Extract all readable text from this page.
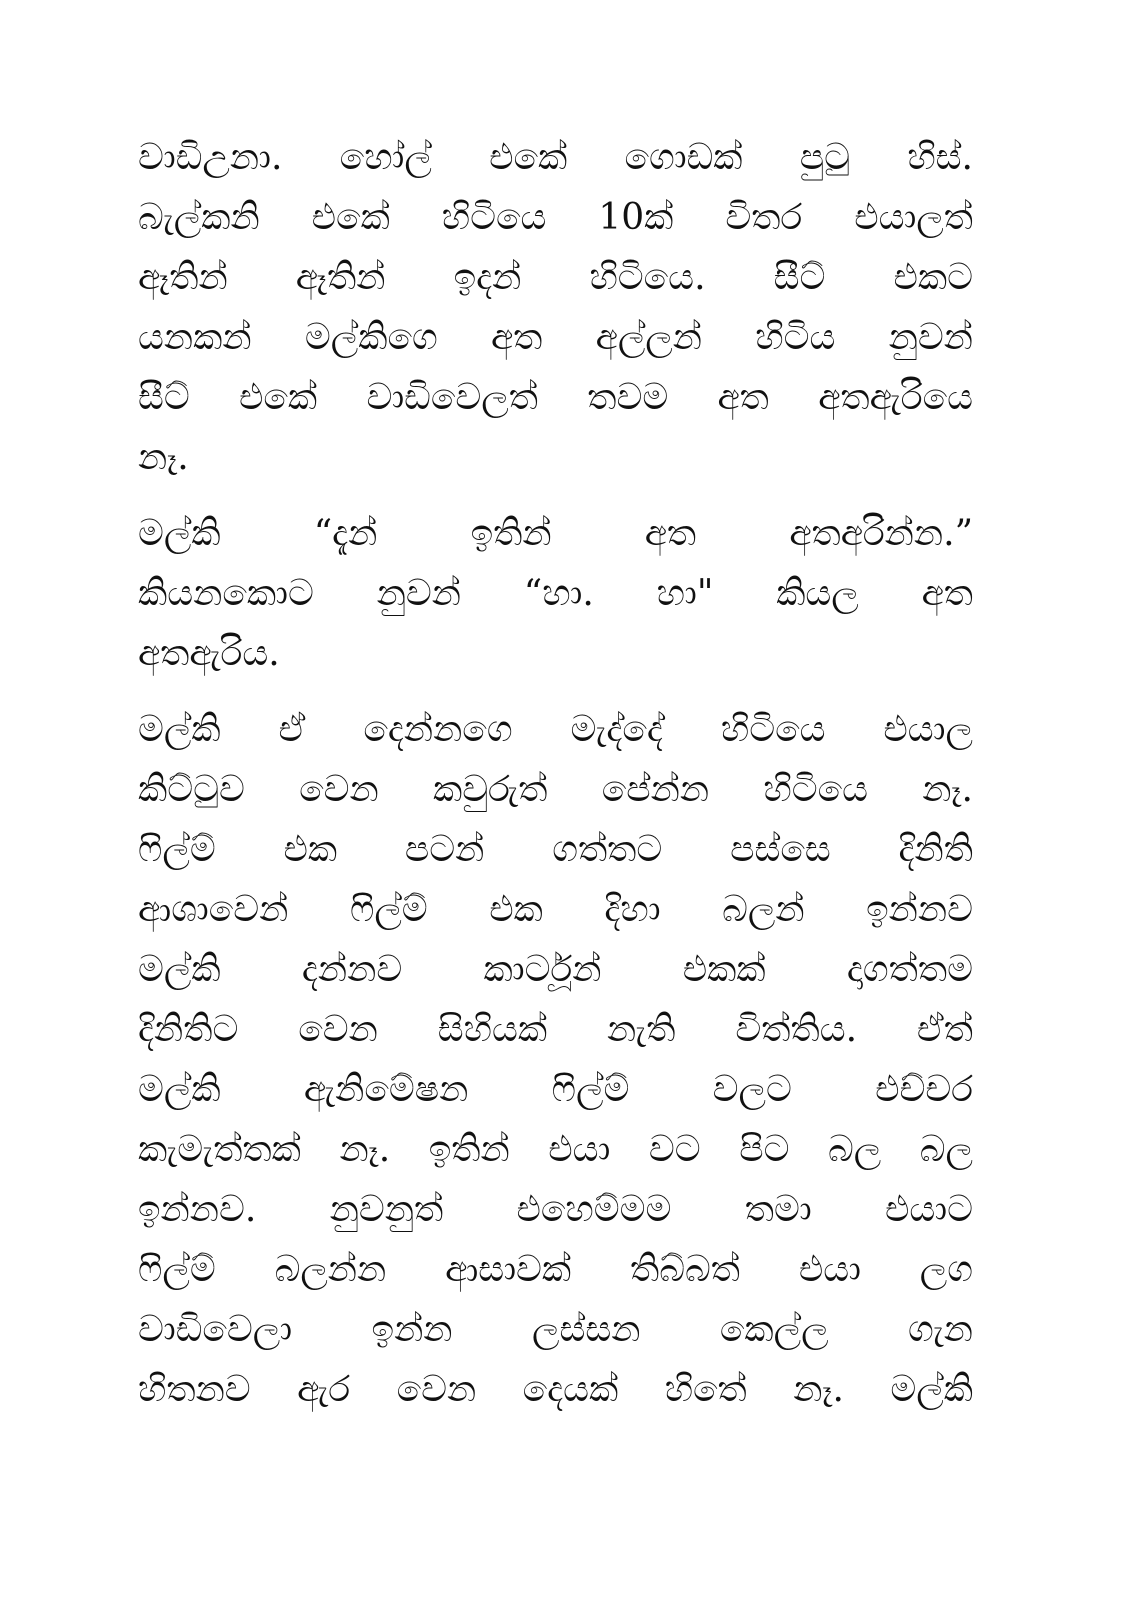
වාඩිඋනා. හෝල් එකේ ගොඩක් පුටු හිස්.
බැල්කනි එකේ හිටියෙ 10ක් විතර එයාලත්
ඈතින් ඈතින් ඉදන් හිටියෙ. සීට් එකට
යනකන් මල්කිගෙ අත අල්ලන් හිටිය නුවන්
සීට් එකේ වාඩිවෙලත් තවම අත අතඇරියෙ
නෑ.
මල්කි “දැන් ඉතින් අත අතඅරින්න.”
කියනකොට නුවන් “හා. හා" කියල අත
අතඇරිය.
මල්කි ඒ දෙන්නගෙ මැද්දේ හිටියෙ එයාල
කිට්ටුව වෙන කවුරුත් පේන්න හිටියෙ නෑ.
ෆිල්ම් එක පටන් ගත්තට පස්සෙ දිනිති
ආශාවෙන් ෆිල්ම් එක දිහා බලන් ඉන්නව
මල්කි දන්නව කාර්ටූන් එකක් දාගත්තම
දිනිතිට වෙන සිහියක් නැති විත්තිය. ඒත්
මල්කි ඇනිමේෂන ෆිල්ම් වලට එච්චර
කැමැත්තක් නෑ. ඉතින් එයා වට පිට බල බල
ඉන්නව. නුවනුත් එහෙම්මම තමා එයාට
ෆිල්ම් බලන්න ආසාවක් තිබ්බත් එයා ලග
වාඩිවෙලා ඉන්න ලස්සන කෙල්ල ගැන
හිතනව ඇර වෙන දෙයක් හිතේ නෑ. මල්කි
